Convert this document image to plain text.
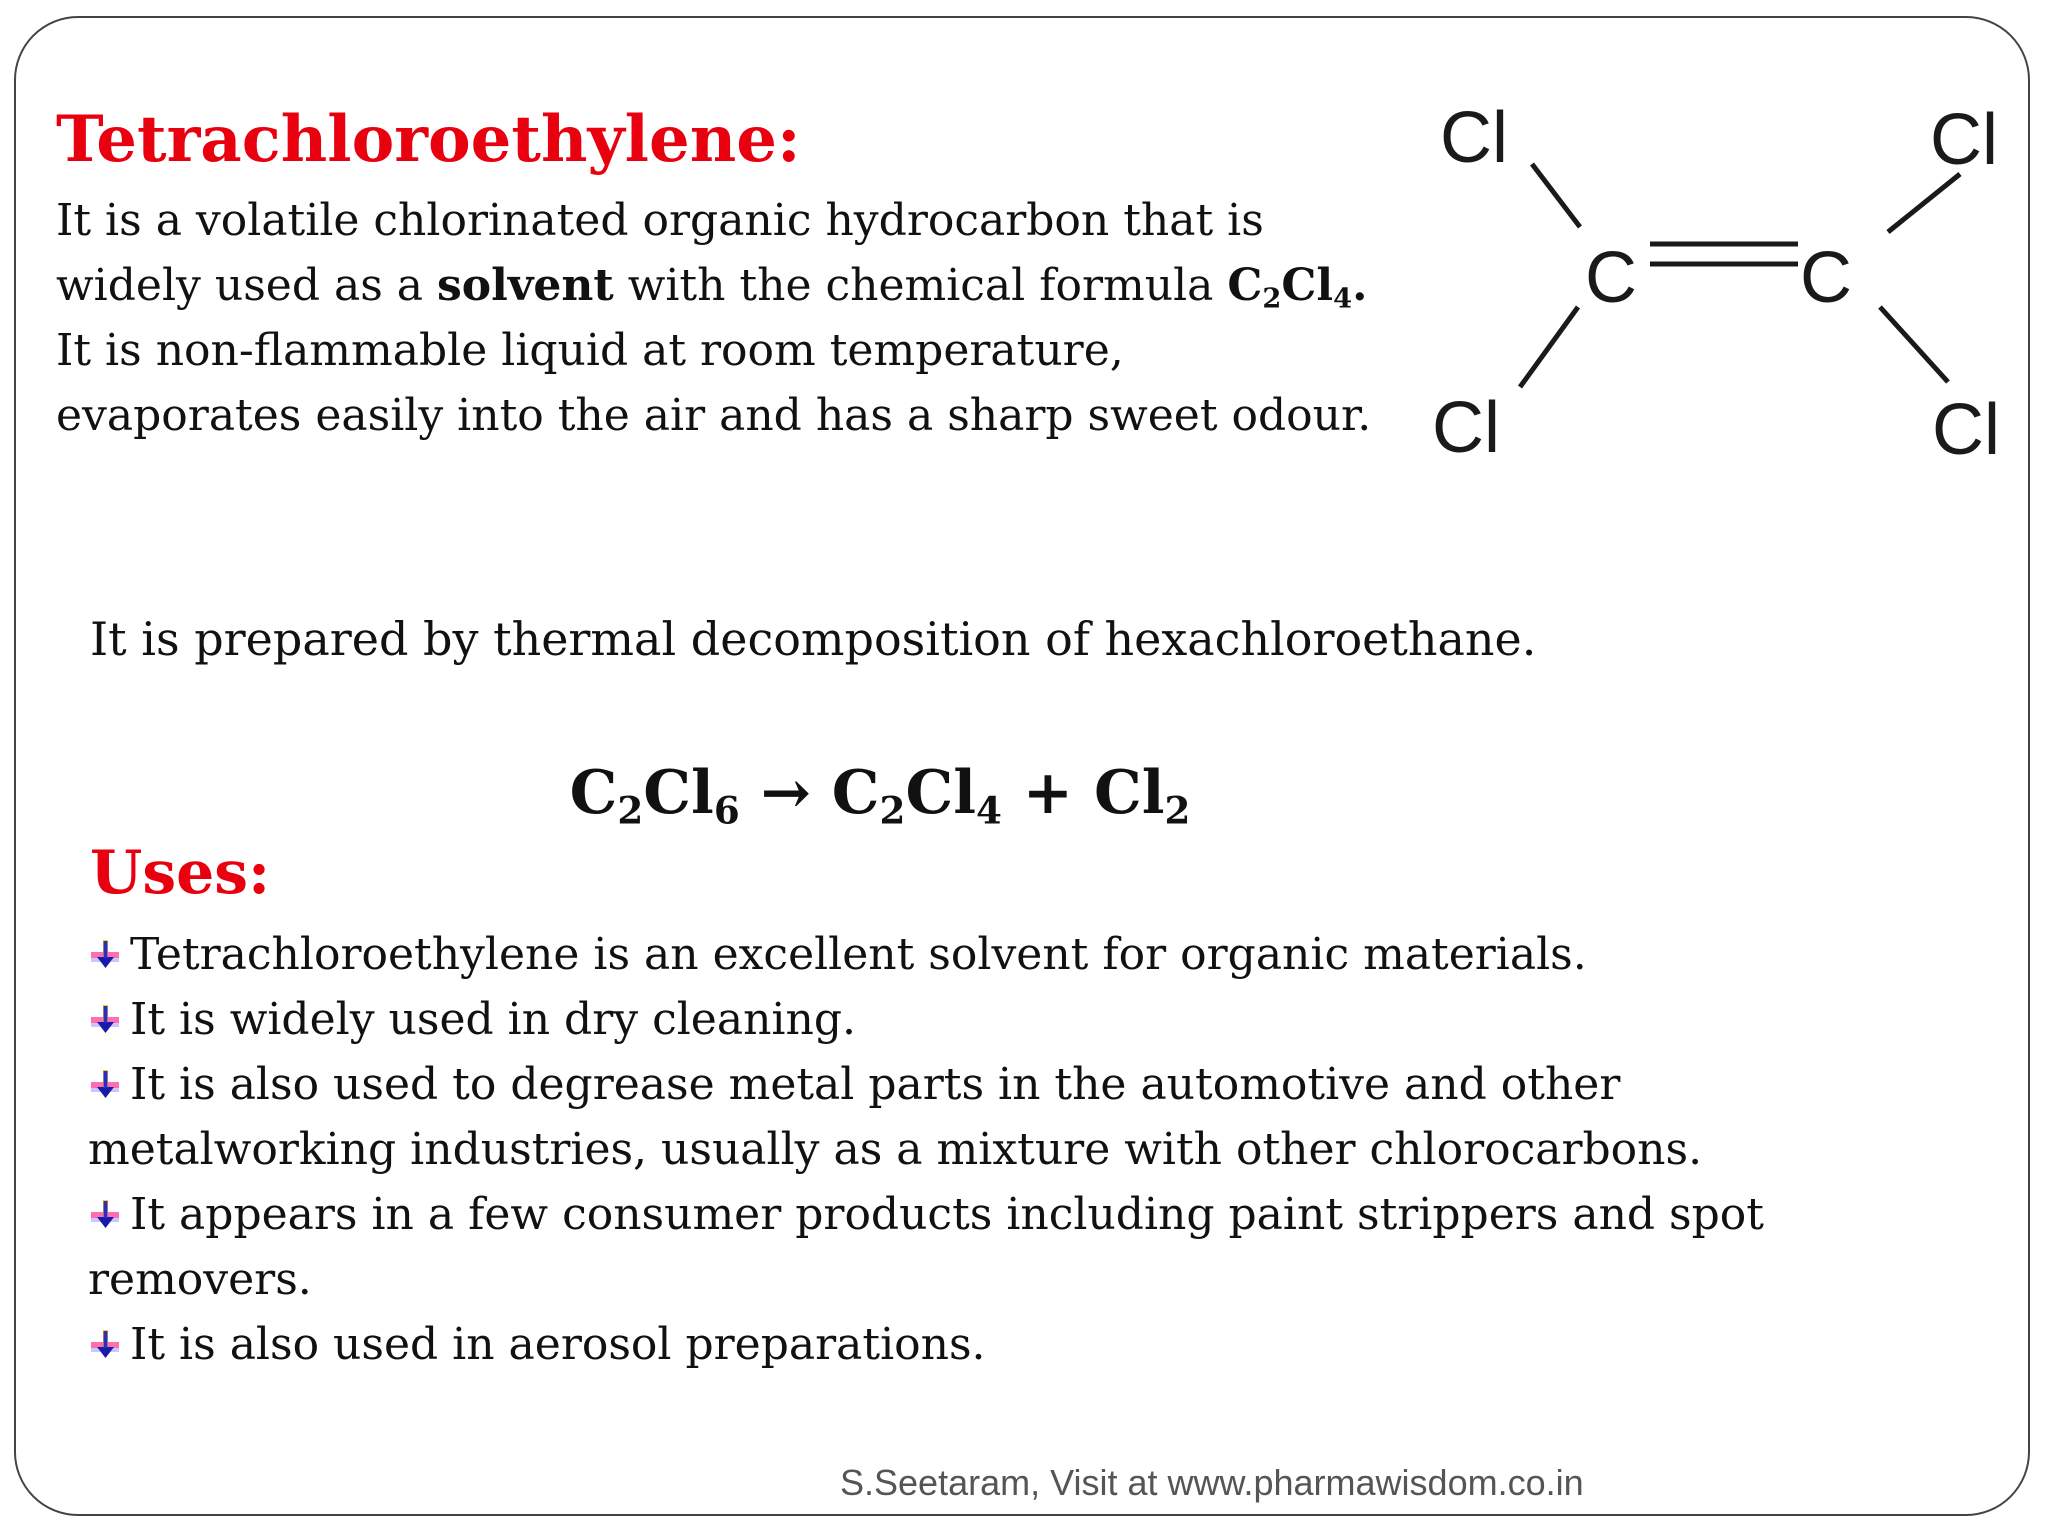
Tetrachloroethylene:
It is a volatile chlorinated organic hydrocarbon that is
widely used as a solvent with the chemical formula $C_2Cl_4$.
It is non-flammable liquid at room temperature,
evaporates easily into the air and has a sharp sweet odour.
Cl	Cl
Cl	Cl
C C
It is prepared by thermal decomposition of hexachloroethane.
$C_2Cl_6 \to C_2Cl_4 + Cl_2$
Uses:
Tetrachloroethylene is an excellent solvent for organic materials.
It is widely used in dry cleaning.
It is also used to degrease metal parts in the automotive and other
metalworking industries, usually as a mixture with other chlorocarbons.
It appears in a few consumer products including paint strippers and spot
removers.
It is also used in aerosol preparations.
S.Seetaram, Visit at www.pharmawisdom.co.in
